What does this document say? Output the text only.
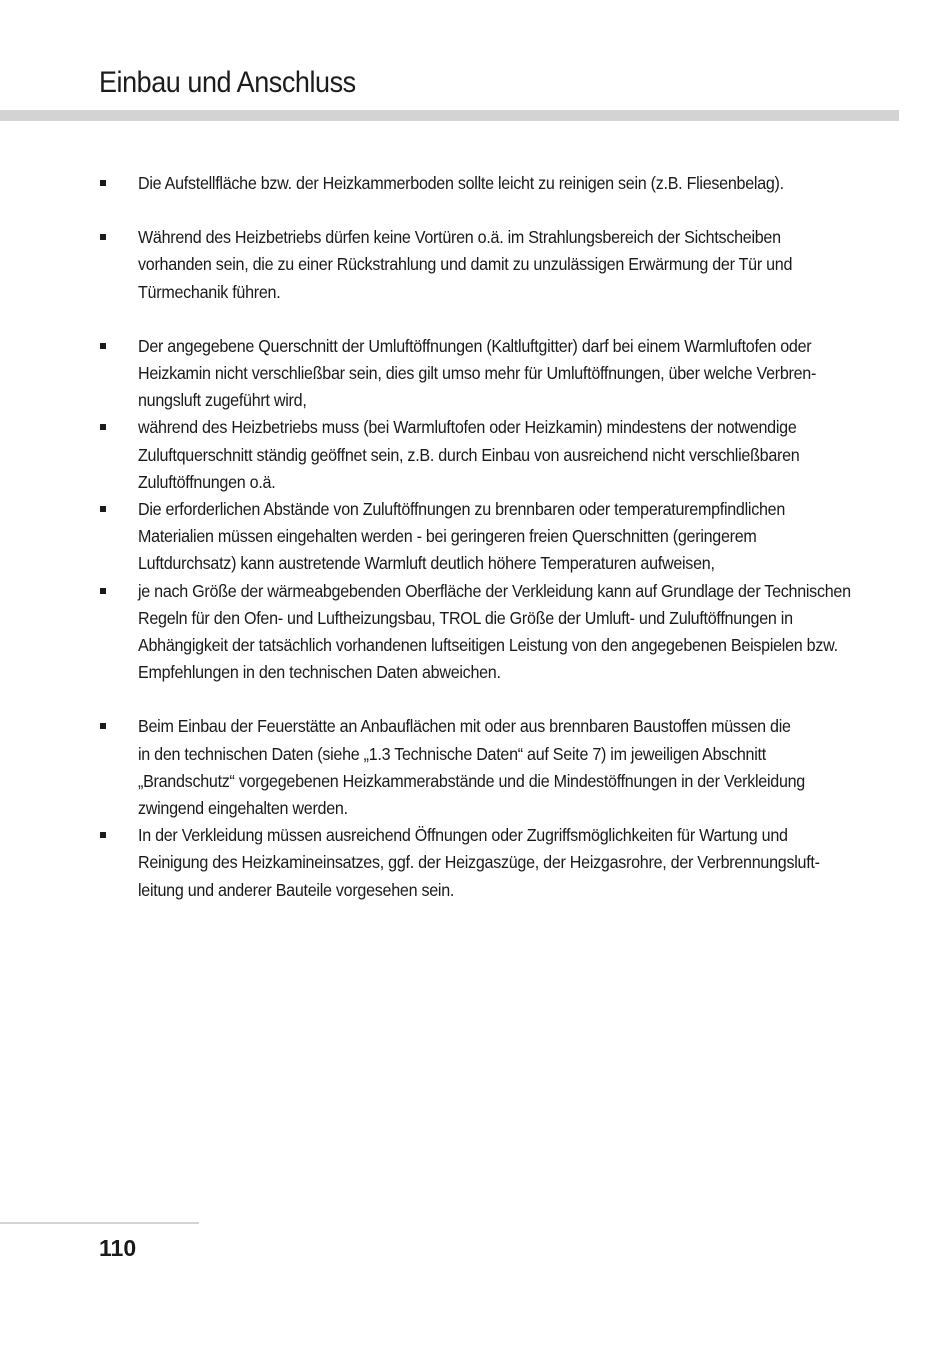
Einbau und Anschluss
Die Aufstellfläche bzw. der Heizkammerboden sollte leicht zu reinigen sein (z.B. Fliesenbelag).
Während des Heizbetriebs dürfen keine Vortüren o.ä. im Strahlungsbereich der Sichtscheiben
vorhanden sein, die zu einer Rückstrahlung und damit zu unzulässigen Erwärmung der Tür und
Türmechanik führen.
Der angegebene Querschnitt der Umluftöffnungen (Kaltluftgitter) darf bei einem Warmluftofen oder
Heizkamin nicht verschließbar sein, dies gilt umso mehr für Umluftöffnungen, über welche Verbren-
nungsluft zugeführt wird,
während des Heizbetriebs muss (bei Warmluftofen oder Heizkamin) mindestens der notwendige
Zuluftquerschnitt ständig geöffnet sein, z.B. durch Einbau von ausreichend nicht verschließbaren
Zuluftöffnungen o.ä.
Die erforderlichen Abstände von Zuluftöffnungen zu brennbaren oder temperaturempfindlichen
Materialien müssen eingehalten werden - bei geringeren freien Querschnitten (geringerem
Luftdurchsatz) kann austretende Warmluft deutlich höhere Temperaturen aufweisen,
je nach Größe der wärmeabgebenden Oberfläche der Verkleidung kann auf Grundlage der Technischen
Regeln für den Ofen- und Luftheizungsbau, TROL die Größe der Umluft- und Zuluftöffnungen in
Abhängigkeit der tatsächlich vorhandenen luftseitigen Leistung von den angegebenen Beispielen bzw.
Empfehlungen in den technischen Daten abweichen.
Beim Einbau der Feuerstätte an Anbauflächen mit oder aus brennbaren Baustoffen müssen die
in den technischen Daten (siehe „1.3 Technische Daten“ auf Seite 7) im jeweiligen Abschnitt
„Brandschutz“ vorgegebenen Heizkammerabstände und die Mindestöffnungen in der Verkleidung
zwingend eingehalten werden.
In der Verkleidung müssen ausreichend Öffnungen oder Zugriffsmöglichkeiten für Wartung und
Reinigung des Heizkamineinsatzes, ggf. der Heizgaszüge, der Heizgasrohre, der Verbrennungsluft-
leitung und anderer Bauteile vorgesehen sein.

110
